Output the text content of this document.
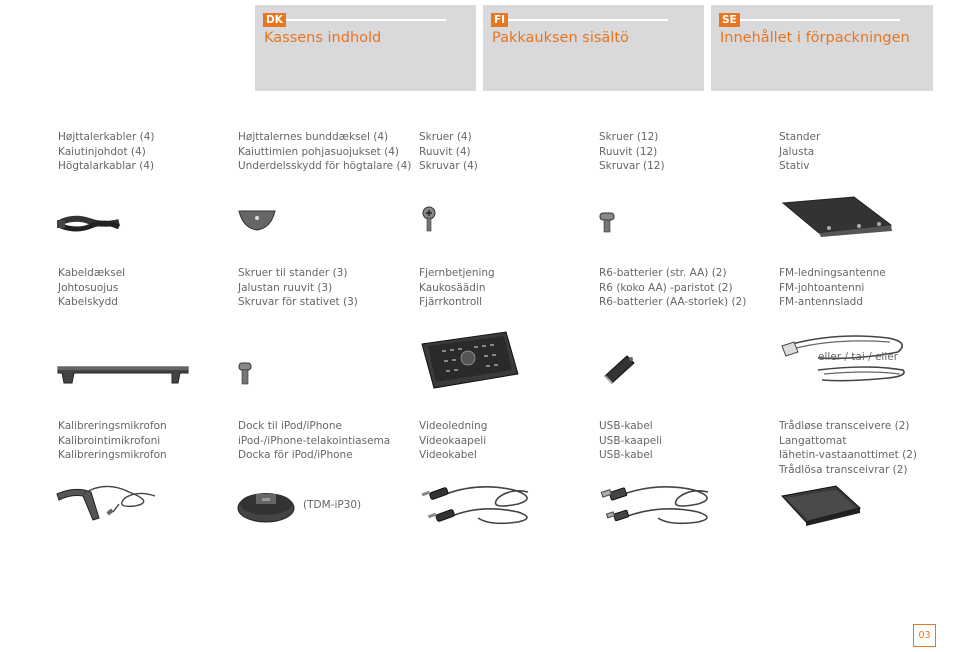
DK
Kassens indhold
FI
Pakkauksen sisältö
SE
Innehållet i förpackningen
Højttalerkabler (4)
Kaiutinjohdot (4)
Högtalarkablar (4)
Højttalernes bunddæksel (4)
Kaiuttimien pohjasuojukset (4)
Underdelsskydd för högtalare (4)
Skruer (4)
Ruuvit (4)
Skruvar (4)
Skruer (12)
Ruuvit (12)
Skruvar (12)
Stander
Jalusta
Stativ
Kabeldæksel
Johtosuojus
Kabelskydd
Skruer til stander (3)
Jalustan ruuvit (3)
Skruvar för stativet (3)
Fjernbetjening
Kaukosäädin
Fjärrkontroll
R6-batterier (str. AA) (2)
R6 (koko AA) -paristot (2)
R6-batterier (AA-storlek) (2)
FM-ledningsantenne
FM-johtoantenni
FM-antennsladd
eller / tai / eller
Kalibreringsmikrofon
Kalibrointimikrofoni
Kalibreringsmikrofon
Dock til iPod/iPhone
iPod-/iPhone-telakointiasema
Docka för iPod/iPhone
Videoledning
Videokaapeli
Videokabel
USB-kabel
USB-kaapeli
USB-kabel
Trådløse transceivere (2)
Langattomat
lähetin-vastaanottimet (2)
Trådlösa transceivrar (2)
(TDM-iP30)
03
